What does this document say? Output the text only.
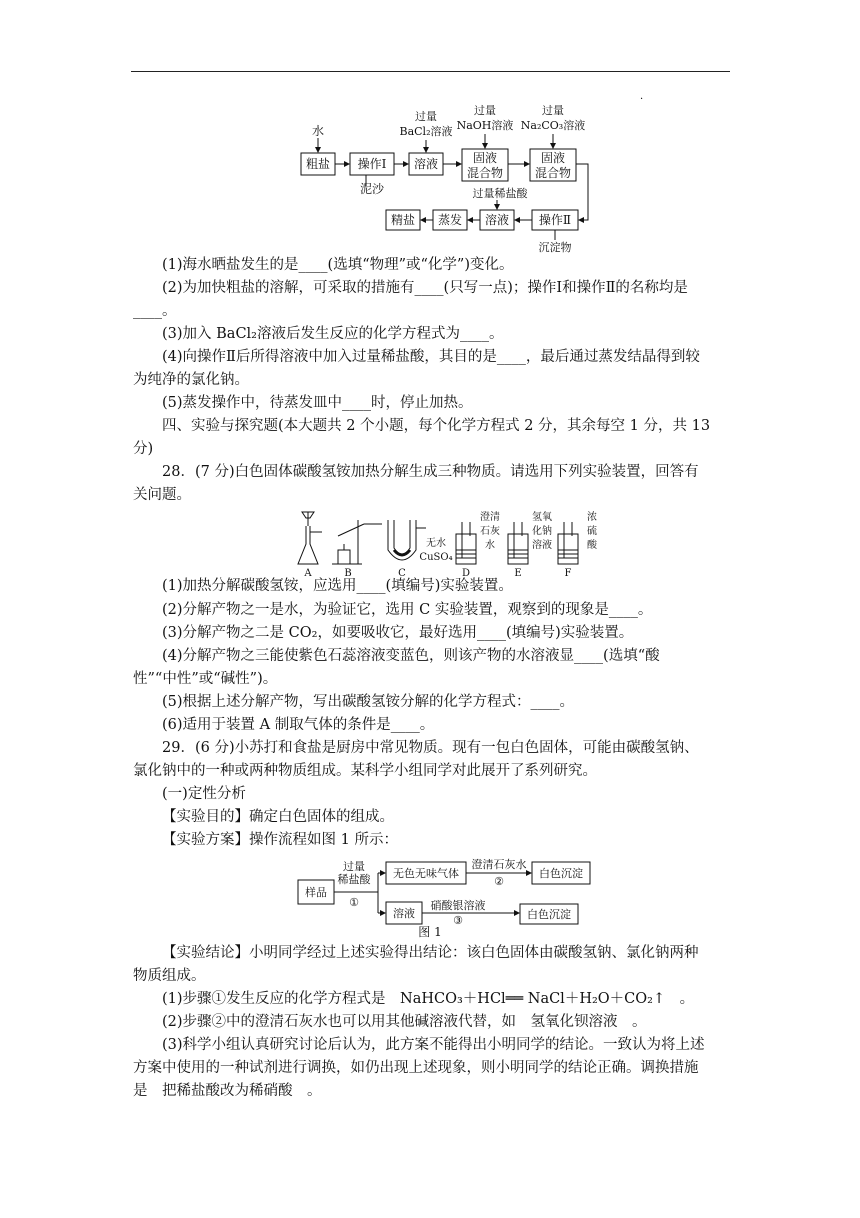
·
水
粗盐 操作Ⅰ
泥沙
过量
BaCl₂溶液
溶液
过量
NaOH溶液
固液
混合物
过量
Na₂CO₃溶液
固液
混合物
过量稀盐酸
操作Ⅱ
溶液
蒸发
精盐
沉淀物
(1)海水晒盐发生的是____(选填“物理”或“化学”)变化。
(2)为加快粗盐的溶解，可采取的措施有____(只写一点)；操作Ⅰ和操作Ⅱ的名称均是
____。
(3)加入 BaCl₂溶液后发生反应的化学方程式为____。
(4)向操作Ⅱ后所得溶液中加入过量稀盐酸，其目的是____，最后通过蒸发结晶得到较
为纯净的氯化钠。
(5)蒸发操作中，待蒸发皿中____时，停止加热。
四、实验与探究题(本大题共 2 个小题，每个化学方程式 2 分，其余每空 1 分，共 13
分)
28．(7 分)白色固体碳酸氢铵加热分解生成三种物质。请选用下列实验装置，回答有
关问题。
A	B	C	D	E	F
无水
CuSO₄
澄清
石灰
水
氢氧
化钠
溶液
浓
硫
酸
(1)加热分解碳酸氢铵，应选用____(填编号)实验装置。
(2)分解产物之一是水，为验证它，选用 C 实验装置，观察到的现象是____。
(3)分解产物之二是 CO₂，如要吸收它，最好选用____(填编号)实验装置。
(4)分解产物之三能使紫色石蕊溶液变蓝色，则该产物的水溶液显____(选填“酸
性”“中性”或“碱性”)。
(5)根据上述分解产物，写出碳酸氢铵分解的化学方程式：____。
(6)适用于装置 A 制取气体的条件是____。
29．(6 分)小苏打和食盐是厨房中常见物质。现有一包白色固体，可能由碳酸氢钠、
氯化钠中的一种或两种物质组成。某科学小组同学对此展开了系列研究。
(一)定性分析
【实验目的】确定白色固体的组成。
【实验方案】操作流程如图 1 所示：
样品
过量
稀盐酸
①
无色无味气体
澄清石灰水
②
白色沉淀
溶液
硝酸银溶液
③	白色沉淀
图 1
【实验结论】小明同学经过上述实验得出结论：该白色固体由碳酸氢钠、氯化钠两种
物质组成。
(1)步骤①发生反应的化学方程式是　NaHCO₃＋HCl══ NaCl＋H₂O＋CO₂↑　。
(2)步骤②中的澄清石灰水也可以用其他碱溶液代替，如　氢氧化钡溶液　。
(3)科学小组认真研究讨论后认为，此方案不能得出小明同学的结论。一致认为将上述
方案中使用的一种试剂进行调换，如仍出现上述现象，则小明同学的结论正确。调换措施
是　把稀盐酸改为稀硝酸　。
